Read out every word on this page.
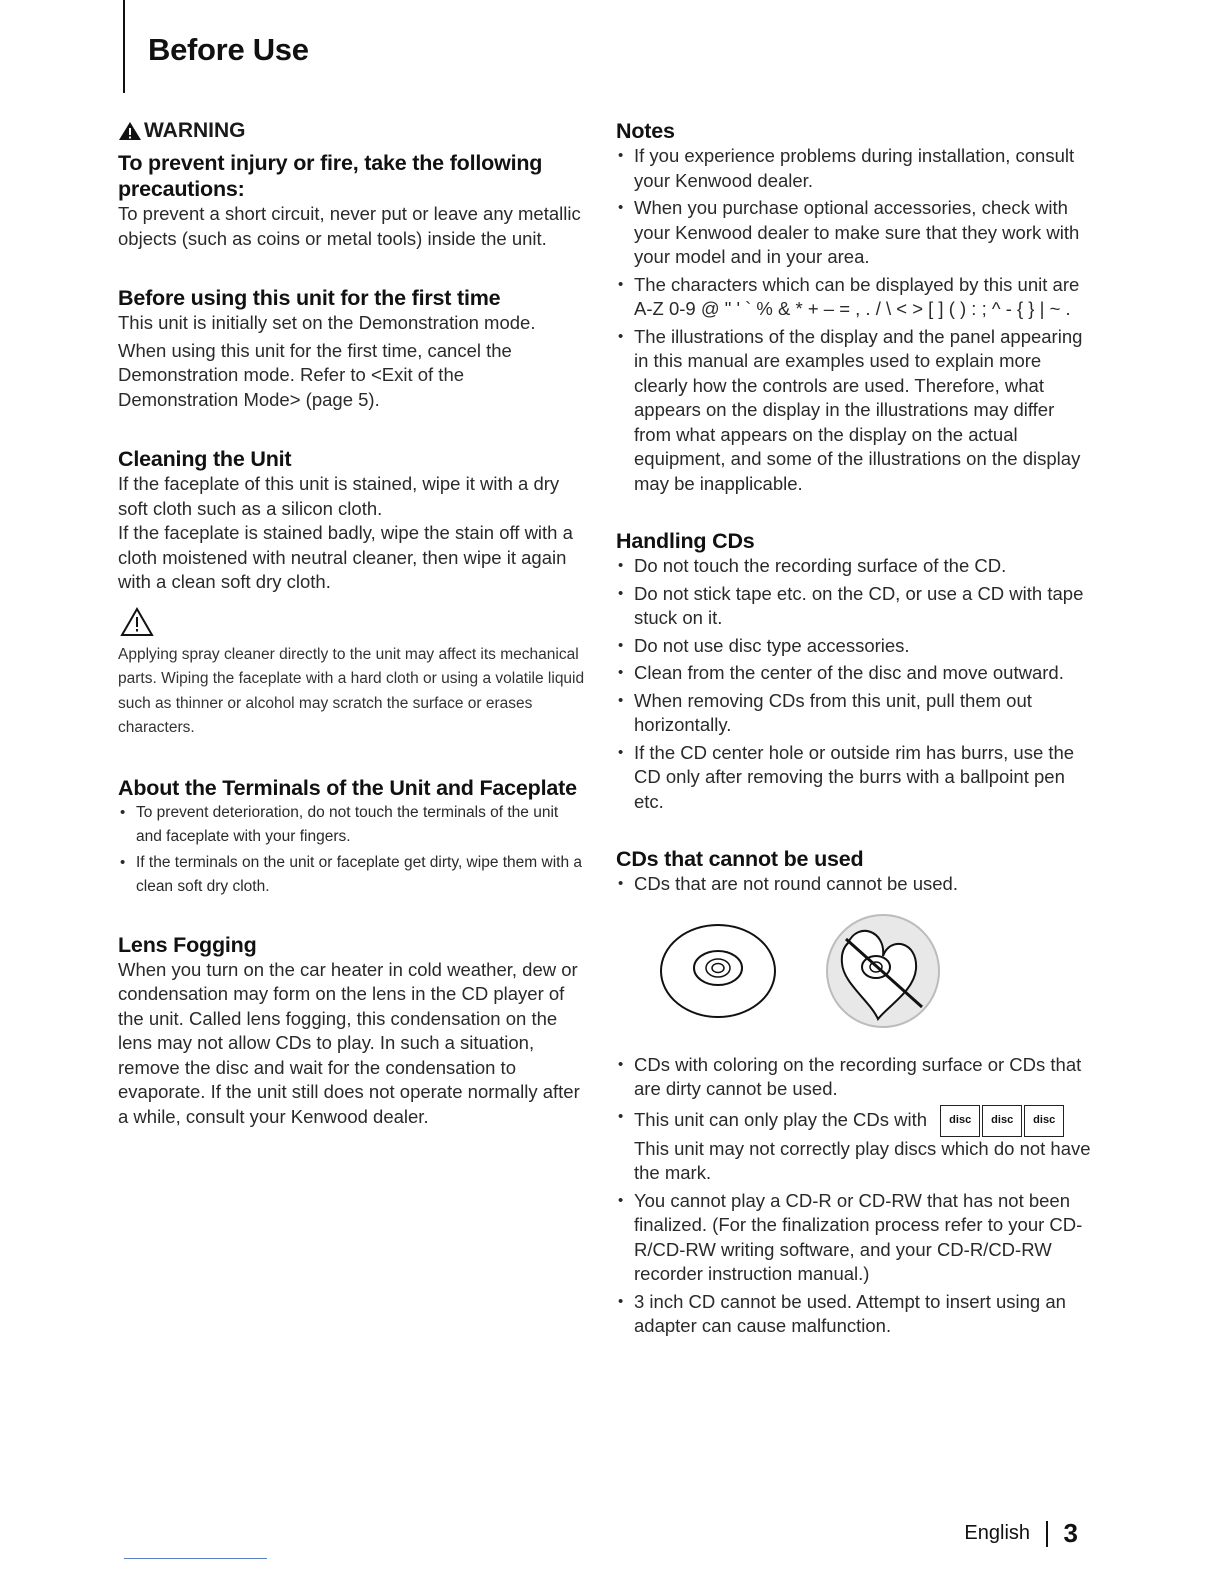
Before Use
WARNING
To prevent injury or fire, take the following precautions:

To prevent a short circuit, never put or leave any metallic objects (such as coins or metal tools) inside the unit.

Before using this unit for the first time

This unit is initially set on the Demonstration mode.

When using this unit for the first time, cancel the Demonstration mode. Refer to <Exit of the Demonstration Mode> (page 5).

Cleaning the Unit

If the faceplate of this unit is stained, wipe it with a dry soft cloth such as a silicon cloth.

If the faceplate is stained badly, wipe the stain off with a cloth moistened with neutral cleaner, then wipe it again with a clean soft dry cloth.

Applying spray cleaner directly to the unit may affect its mechanical parts. Wiping the faceplate with a hard cloth or using a volatile liquid such as thinner or alcohol may scratch the surface or erases characters.

About the Terminals of the Unit and Faceplate
• To prevent deterioration, do not touch the terminals of the unit and faceplate with your fingers.
• If the terminals on the unit or faceplate get dirty, wipe them with a clean soft dry cloth.
Lens Fogging

When you turn on the car heater in cold weather, dew or condensation may form on the lens in the CD player of the unit. Called lens fogging, this condensation on the lens may not allow CDs to play. In such a situation, remove the disc and wait for the condensation to evaporate. If the unit still does not operate normally after a while, consult your Kenwood dealer.

Notes
• If you experience problems during installation, consult your Kenwood dealer.
• When you purchase optional accessories, check with your Kenwood dealer to make sure that they work with your model and in your area.
• The characters which can be displayed by this unit are A-Z 0-9 @ " ' ` % & * + – = , . / \ < > [ ] ( ) : ; ^ - { } | ~ .
• The illustrations of the display and the panel appearing in this manual are examples used to explain more clearly how the controls are used. Therefore, what appears on the display in the illustrations may differ from what appears on the display on the actual equipment, and some of the illustrations on the display may be inapplicable.
Handling CDs
• Do not touch the recording surface of the CD.
• Do not stick tape etc. on the CD, or use a CD with tape stuck on it.
• Do not use disc type accessories.
• Clean from the center of the disc and move outward.
• When removing CDs from this unit, pull them out horizontally.
• If the CD center hole or outside rim has burrs, use the CD only after removing the burrs with a ballpoint pen etc.
CDs that cannot be used
• CDs that are not round cannot be used.
• CDs with coloring on the recording surface or CDs that are dirty cannot be used.
• This unit can only play the CDs with	disc	disc	disc
This unit may not correctly play discs which do not have the mark.
• You cannot play a CD-R or CD-RW that has not been finalized. (For the finalization process refer to your CD-R/CD-RW writing software, and your CD-R/CD-RW recorder instruction manual.)
• 3 inch CD cannot be used. Attempt to insert using an adapter can cause malfunction.
English 3
